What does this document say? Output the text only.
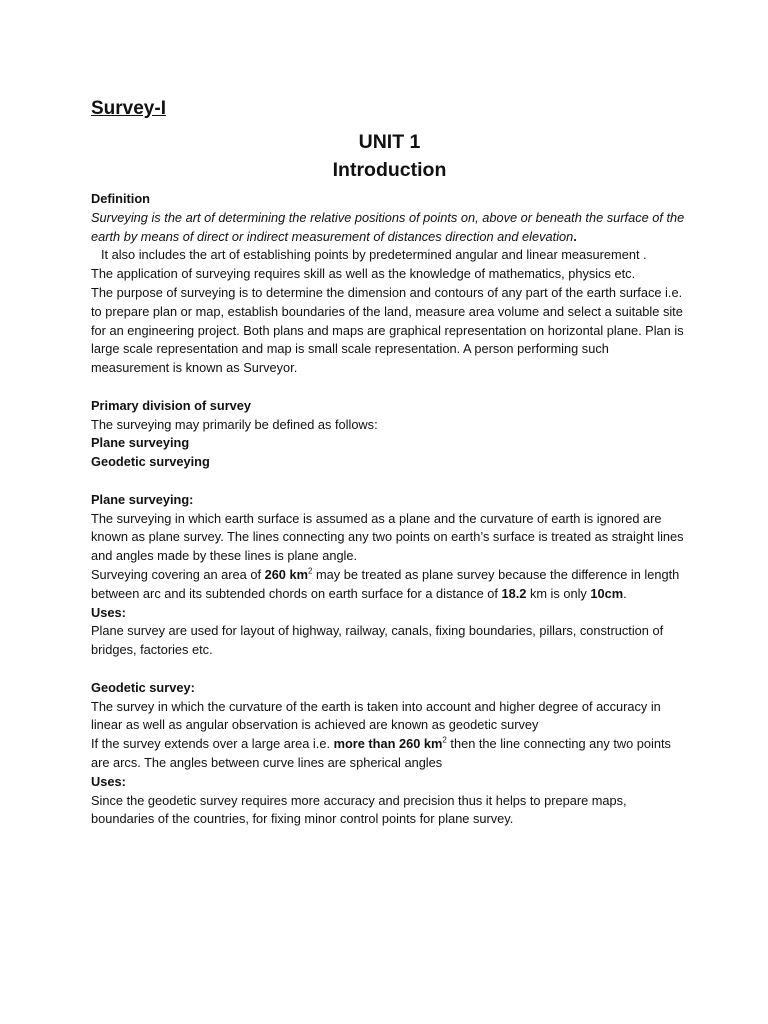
Survey-I
UNIT 1
Introduction

Definition

Surveying is the art of determining the relative positions of points on, above or beneath the surface of the earth by means of direct or indirect measurement of distances direction and elevation.

It also includes the art of establishing points by predetermined angular and linear measurement .

The application of surveying requires skill as well as the knowledge of mathematics, physics etc.

The purpose of surveying is to determine the dimension and contours of any part of the earth surface i.e. to prepare plan or map, establish boundaries of the land, measure area volume and select a suitable site for an engineering project. Both plans and maps are graphical representation on horizontal plane. Plan is large scale representation and map is small scale representation. A person performing such measurement is known as Surveyor.

Primary division of survey

The surveying may primarily be defined as follows:

Plane surveying

Geodetic surveying

Plane surveying:

The surveying in which earth surface is assumed as a plane and the curvature of earth is ignored are known as plane survey. The lines connecting any two points on earth’s surface is treated as straight lines and angles made by these lines is plane angle.

Surveying covering an area of 260 $km^2$ may be treated as plane survey because the difference in length between arc and its subtended chords on earth surface for a distance of 18.2 km is only 10cm.

Uses:

Plane survey are used for layout of highway, railway, canals, fixing boundaries, pillars, construction of bridges, factories etc.

Geodetic survey:

The survey in which the curvature of the earth is taken into account and higher degree of accuracy in linear as well as angular observation is achieved are known as geodetic survey

If the survey extends over a large area i.e. more than 260 $km^2$ then the line connecting any two points are arcs. The angles between curve lines are spherical angles

Uses:

Since the geodetic survey requires more accuracy and precision thus it helps to prepare maps, boundaries of the countries, for fixing minor control points for plane survey.
